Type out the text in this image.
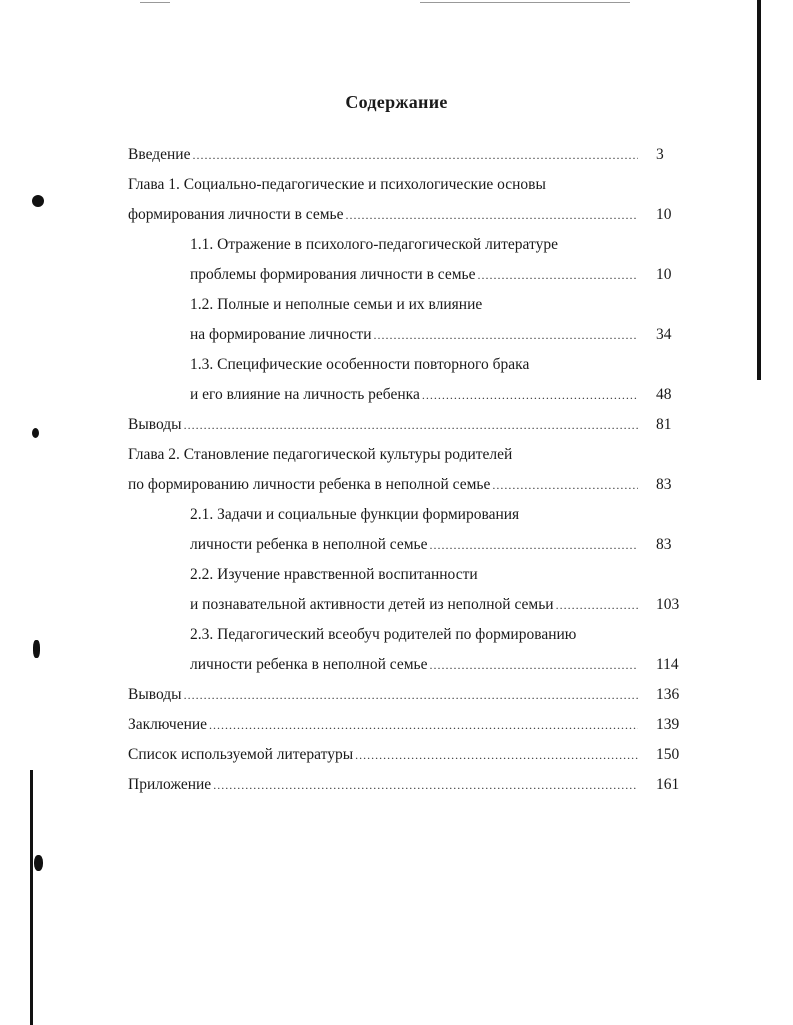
Содержание
Введение .....	3
Глава 1. Социально-педагогические и психологические основы
формирования личности в семье .....	10
1.1. Отражение в психолого-педагогической литературе
проблемы формирования личности в семье .....	10
1.2. Полные и неполные семьи и их влияние
на формирование личности .....	34
1.3. Специфические особенности повторного брака
и его влияние на личность ребенка .....	48
Выводы .....	81
Глава 2. Становление педагогической культуры родителей
по формированию личности ребенка в неполной семье .....	83
2.1. Задачи и социальные функции формирования
личности ребенка в неполной семье .....	83
2.2. Изучение нравственной воспитанности
и познавательной активности детей из неполной семьи .....	103
2.3. Педагогический всеобуч родителей по формированию
личности ребенка в неполной семье .....	114
Выводы .....	136
Заключение .....	139
Список используемой литературы .....	150
Приложение .....	161
